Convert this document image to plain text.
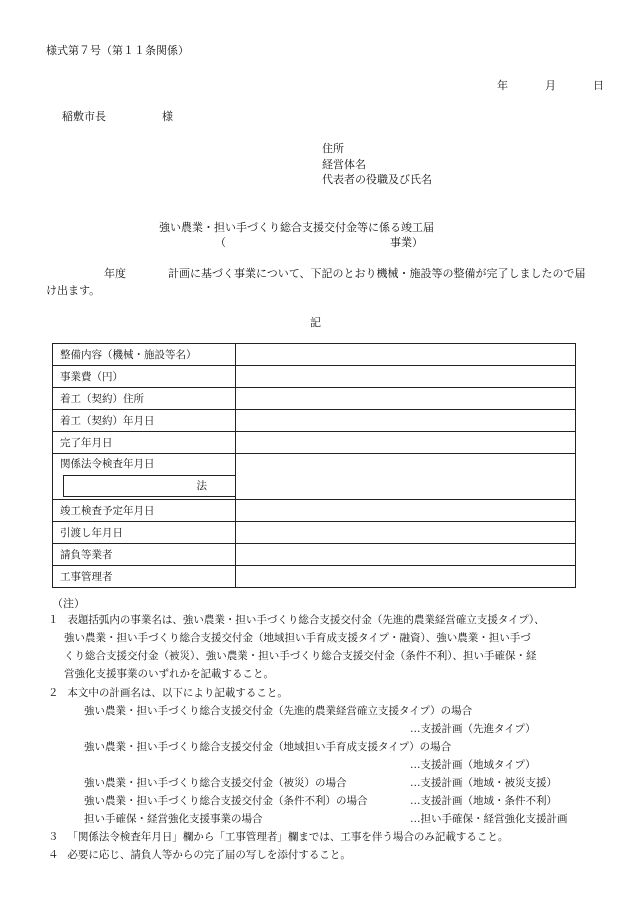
様式第７号（第１１条関係）
年	月	日
稲敷市長	様
住所
経営体名
代表者の役職及び氏名
強い農業・担い手づくり総合支援交付金等に係る竣工届
（	事業）
年度	計画に基づく事業について、下記のとおり機械・施設等の整備が完了しましたので届け出ます。
記
整備内容（機械・施設等名）	
事業費（円）	
着工（契約）住所	
着工（契約）年月日	
完了年月日	

関係法令検査年月日
法	

竣工検査予定年月日	
引渡し年月日	
請負等業者	
工事管理者	
（注）
１ 表題括弧内の事業名は、強い農業・担い手づくり総合支援交付金（先進的農業経営確立支援タイプ）、
強い農業・担い手づくり総合支援交付金（地域担い手育成支援タイプ・融資）、強い農業・担い手づ
くり総合支援交付金（被災）、強い農業・担い手づくり総合支援交付金（条件不利）、担い手確保・経
営強化支援事業のいずれかを記載すること。
２ 本文中の計画名は、以下により記載すること。
強い農業・担い手づくり総合支援交付金（先進的農業経営確立支援タイプ）の場合
…支援計画（先進タイプ）
強い農業・担い手づくり総合支援交付金（地域担い手育成支援タイプ）の場合
…支援計画（地域タイプ）
強い農業・担い手づくり総合支援交付金（被災）の場合	…支援計画（地域・被災支援）
強い農業・担い手づくり総合支援交付金（条件不利）の場合	…支援計画（地域・条件不利）
担い手確保・経営強化支援事業の場合	…担い手確保・経営強化支援計画
３ 「関係法令検査年月日」欄から「工事管理者」欄までは、工事を伴う場合のみ記載すること。
４ 必要に応じ、請負人等からの完了届の写しを添付すること。
